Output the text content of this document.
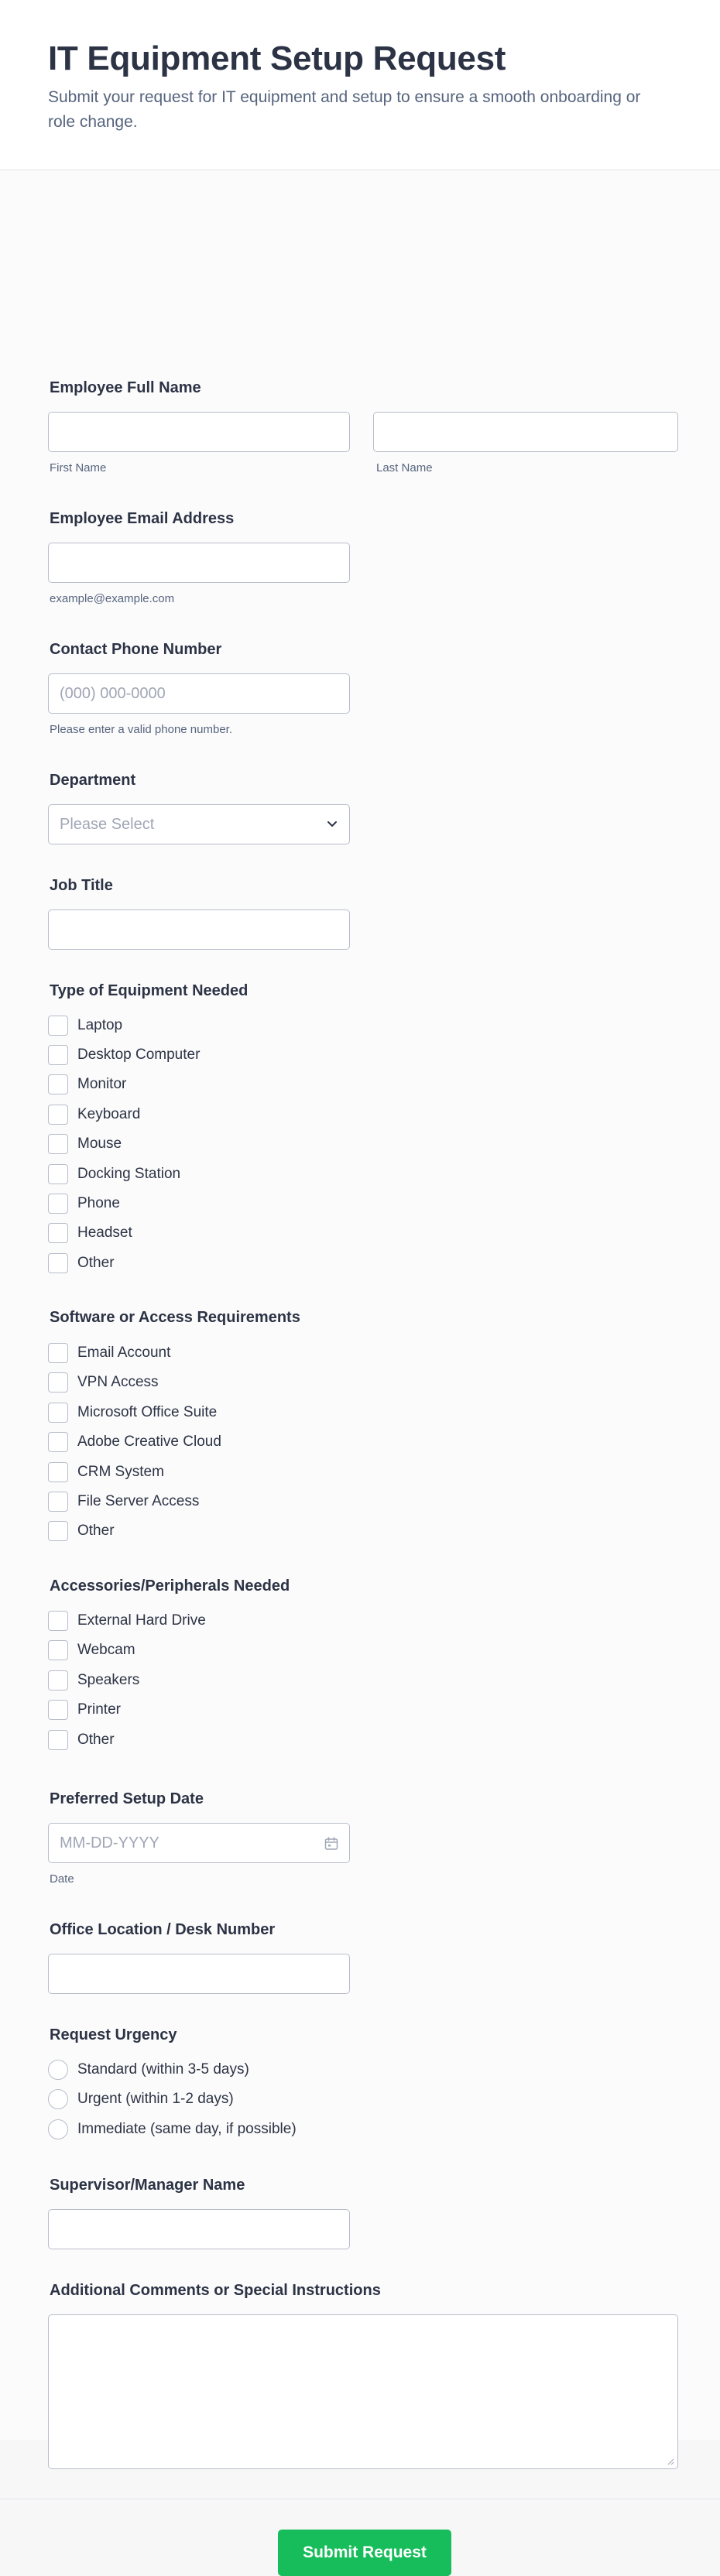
IT Equipment Setup Request

Submit your request for IT equipment and setup to ensure a smooth onboarding or role change.

Employee Full Name
First Name	Last Name
Employee Email Address
example@example.com
Contact Phone Number
(000) 000-0000
Please enter a valid phone number.
Department
Please Select
Job Title
Type of Equipment Needed
Laptop
Desktop Computer
Monitor
Keyboard
Mouse
Docking Station
Phone
Headset
Other
Software or Access Requirements
Email Account
VPN Access
Microsoft Office Suite
Adobe Creative Cloud
CRM System
File Server Access
Other
Accessories/Peripherals Needed
External Hard Drive
Webcam
Speakers
Printer
Other
Preferred Setup Date
MM-DD-YYYY
Date
Office Location / Desk Number
Request Urgency
Standard (within 3-5 days)
Urgent (within 1-2 days)
Immediate (same day, if possible)
Supervisor/Manager Name
Additional Comments or Special Instructions
Submit Request
